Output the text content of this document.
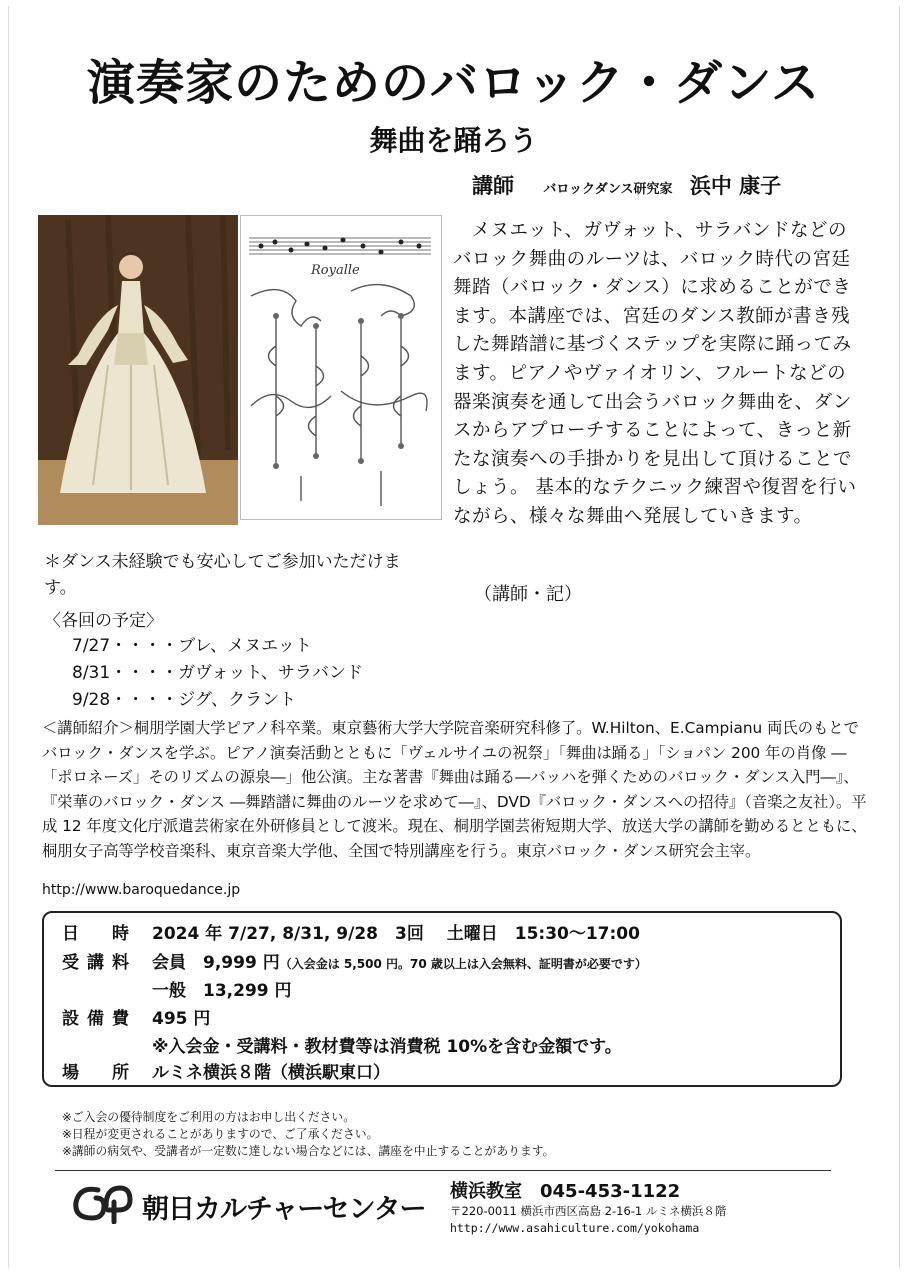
演奏家のためのバロック・ダンス
舞曲を踊ろう
講師 バロックダンス研究家 浜中 康子
Royalle
メヌエット、ガヴォット、サラバンドなどのバロック舞曲のルーツは、バロック時代の宮廷舞踏（バロック・ダンス）に求めることができます。本講座では、宮廷のダンス教師が書き残した舞踏譜に基づくステップを実際に踊ってみます。ピアノやヴァイオリン、フルートなどの器楽演奏を通して出会うバロック舞曲を、ダンスからアプローチすることによって、きっと新たな演奏への手掛かりを見出して頂けることでしょう。 基本的なテクニック練習や復習を行いながら、様々な舞曲へ発展していきます。
（講師・記）
＊ダンス未経験でも安心してご参加いただけます。
〈各回の予定〉
7/27・・・・ブレ、メヌエット
8/31・・・・ガヴォット、サラバンド
9/28・・・・ジグ、クラント
＜講師紹介＞桐朋学園大学ピアノ科卒業。東京藝術大学大学院音楽研究科修了。W.Hilton、E.Campianu 両氏のもとでバロック・ダンスを学ぶ。ピアノ演奏活動とともに「ヴェルサイユの祝祭」「舞曲は踊る」「ショパン 200 年の肖像 ―「ポロネーズ」そのリズムの源泉―」他公演。主な著書『舞曲は踊る―バッハを弾くためのバロック・ダンス入門―』、『栄華のバロック・ダンス ―舞踏譜に舞曲のルーツを求めて―』、DVD『バロック・ダンスへの招待』（音楽之友社）。平成 12 年度文化庁派遣芸術家在外研修員として渡米。現在、桐朋学園芸術短期大学、放送大学の講師を勤めるとともに、桐朋女子高等学校音楽科、東京音楽大学他、全国で特別講座を行う。東京バロック・ダンス研究会主宰。
http://www.baroquedance.jp
日　時 2024 年 7/27, 8/31, 9/28　3回　 土曜日　15:30～17:00
受講料 会員　9,999 円（入会金は 5,500 円。70 歳以上は入会無料、証明書が必要です）
一般　13,299 円
設備費 495 円
※入会金・受講料・教材費等は消費税 10%を含む金額です。
場　所 ルミネ横浜８階（横浜駅東口）
※ご入会の優待制度をご利用の方はお申し出ください。
※日程が変更されることがありますので、ご了承ください。
※講師の病気や、受講者が一定数に達しない場合などには、講座を中止することがあります。
朝日カルチャーセンター
横浜教室　045-453-1122
〒220-0011 横浜市西区高島 2-16-1 ルミネ横浜８階
http://www.asahiculture.com/yokohama
